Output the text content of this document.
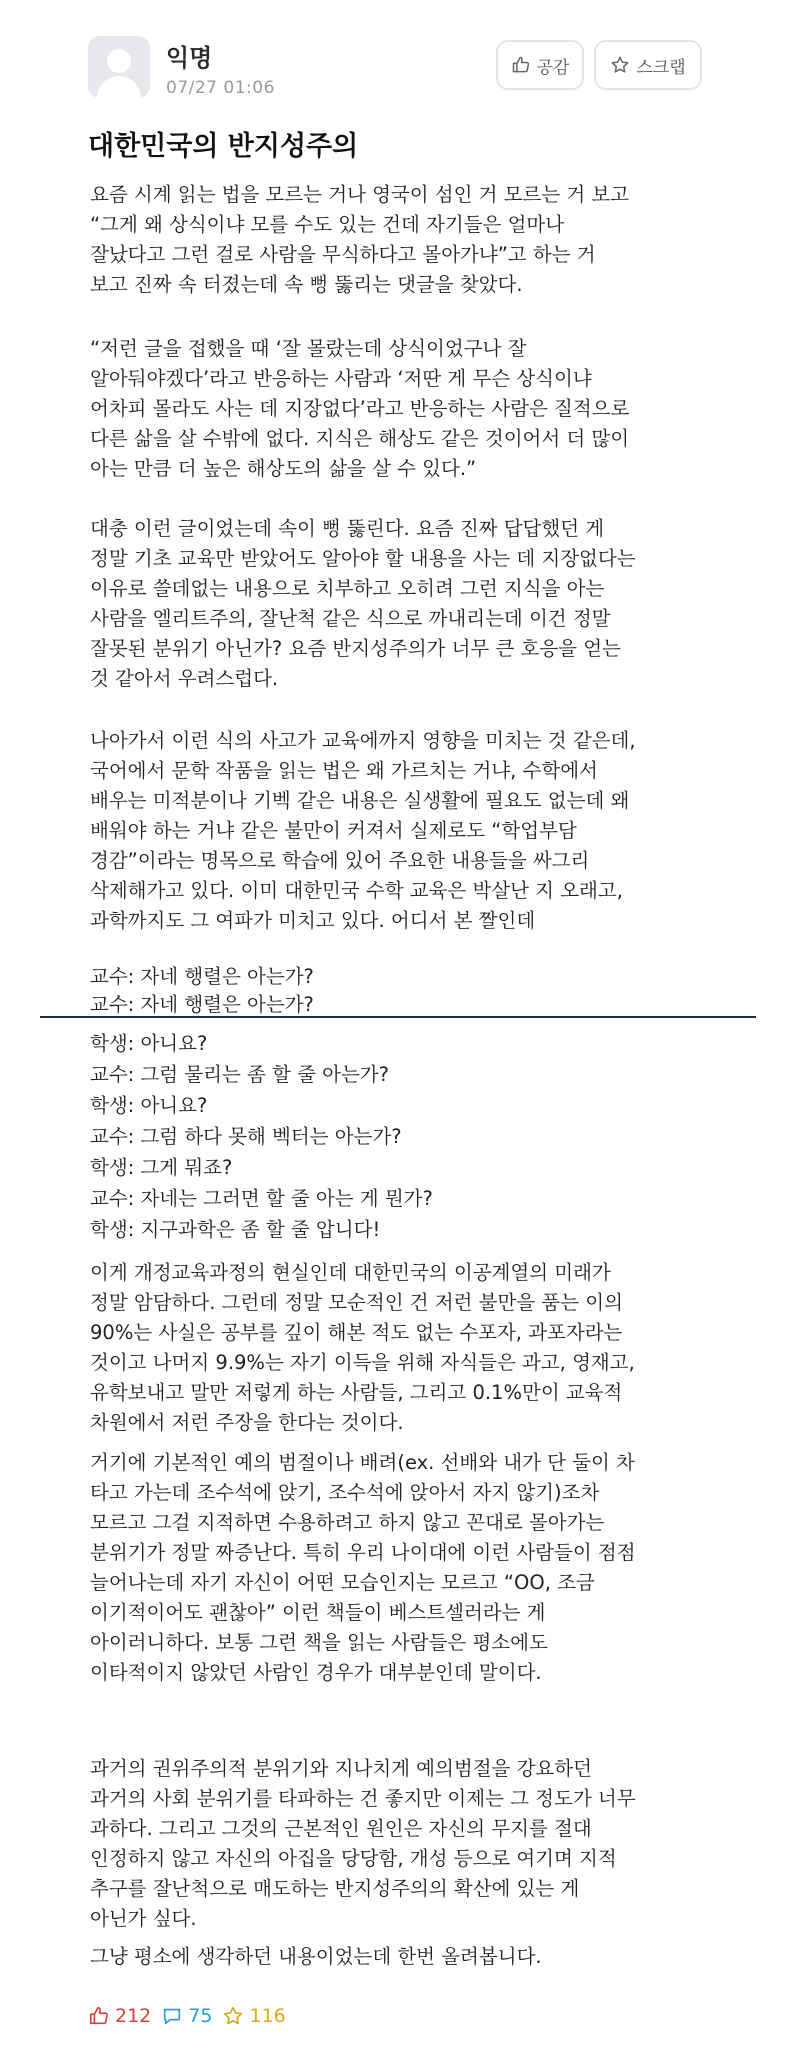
익명
07/27 01:06
공감	스크랩
대한민국의 반지성주의
요즘 시계 읽는 법을 모르는 거나 영국이 섬인 거 모르는 거 보고
“그게 왜 상식이냐 모를 수도 있는 건데 자기들은 얼마나
잘났다고 그런 걸로 사람을 무식하다고 몰아가냐”고 하는 거
보고 진짜 속 터졌는데 속 뻥 뚫리는 댓글을 찾았다.
“저런 글을 접했을 때 ‘잘 몰랐는데 상식이었구나 잘
알아둬야겠다’라고 반응하는 사람과 ‘저딴 게 무슨 상식이냐
어차피 몰라도 사는 데 지장없다’라고 반응하는 사람은 질적으로
다른 삶을 살 수밖에 없다. 지식은 해상도 같은 것이어서 더 많이
아는 만큼 더 높은 해상도의 삶을 살 수 있다.”
대충 이런 글이었는데 속이 뻥 뚫린다. 요즘 진짜 답답했던 게
정말 기초 교육만 받았어도 알아야 할 내용을 사는 데 지장없다는
이유로 쓸데없는 내용으로 치부하고 오히려 그런 지식을 아는
사람을 엘리트주의, 잘난척 같은 식으로 까내리는데 이건 정말
잘못된 분위기 아닌가? 요즘 반지성주의가 너무 큰 호응을 얻는
것 같아서 우려스럽다.
나아가서 이런 식의 사고가 교육에까지 영향을 미치는 것 같은데,
국어에서 문학 작품을 읽는 법은 왜 가르치는 거냐, 수학에서
배우는 미적분이나 기벡 같은 내용은 실생활에 필요도 없는데 왜
배워야 하는 거냐 같은 불만이 커져서 실제로도 “학업부담
경감”이라는 명목으로 학습에 있어 주요한 내용들을 싸그리
삭제해가고 있다. 이미 대한민국 수학 교육은 박살난 지 오래고,
과학까지도 그 여파가 미치고 있다. 어디서 본 짤인데
교수: 자네 행렬은 아는가?
교수: 자네 행렬은 아는가?
학생: 아니요?
교수: 그럼 물리는 좀 할 줄 아는가?
학생: 아니요?
교수: 그럼 하다 못해 벡터는 아는가?
학생: 그게 뭐죠?
교수: 자네는 그러면 할 줄 아는 게 뭔가?
학생: 지구과학은 좀 할 줄 압니다!
이게 개정교육과정의 현실인데 대한민국의 이공계열의 미래가
정말 암담하다. 그런데 정말 모순적인 건 저런 불만을 품는 이의
90%는 사실은 공부를 깊이 해본 적도 없는 수포자, 과포자라는
것이고 나머지 9.9%는 자기 이득을 위해 자식들은 과고, 영재고,
유학보내고 말만 저렇게 하는 사람들, 그리고 0.1%만이 교육적
차원에서 저런 주장을 한다는 것이다.
거기에 기본적인 예의 범절이나 배려(ex. 선배와 내가 단 둘이 차
타고 가는데 조수석에 앉기, 조수석에 앉아서 자지 않기)조차
모르고 그걸 지적하면 수용하려고 하지 않고 꼰대로 몰아가는
분위기가 정말 짜증난다. 특히 우리 나이대에 이런 사람들이 점점
늘어나는데 자기 자신이 어떤 모습인지는 모르고 “OO, 조금
이기적이어도 괜찮아” 이런 책들이 베스트셀러라는 게
아이러니하다. 보통 그런 책을 읽는 사람들은 평소에도
이타적이지 않았던 사람인 경우가 대부분인데 말이다.
과거의 권위주의적 분위기와 지나치게 예의범절을 강요하던
과거의 사회 분위기를 타파하는 건 좋지만 이제는 그 정도가 너무
과하다. 그리고 그것의 근본적인 원인은 자신의 무지를 절대
인정하지 않고 자신의 아집을 당당함, 개성 등으로 여기며 지적
추구를 잘난척으로 매도하는 반지성주의의 확산에 있는 게
아닌가 싶다.
그냥 평소에 생각하던 내용이었는데 한번 올려봅니다.
212 75 116
